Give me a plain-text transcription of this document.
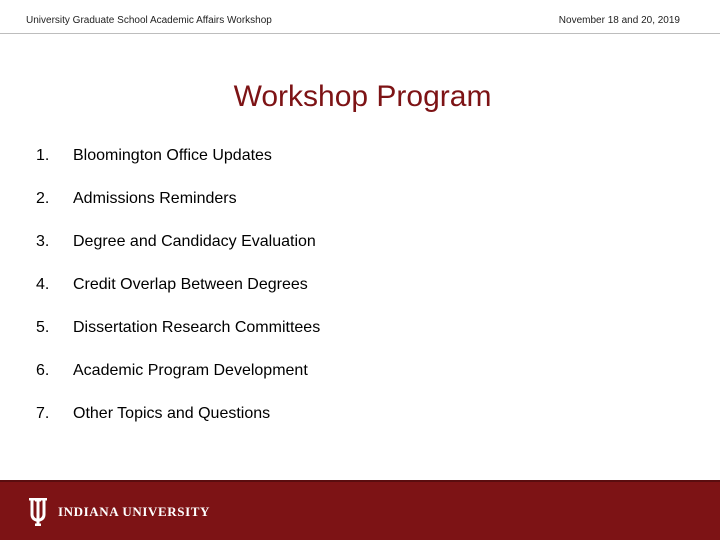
University Graduate School Academic Affairs Workshop	November 18 and 20, 2019
Workshop Program
1.	Bloomington Office Updates
2.	Admissions Reminders
3.	Degree and Candidacy Evaluation
4.	Credit Overlap Between Degrees
5.	Dissertation Research Committees
6.	Academic Program Development
7.	Other Topics and Questions
INDIANA UNIVERSITY
